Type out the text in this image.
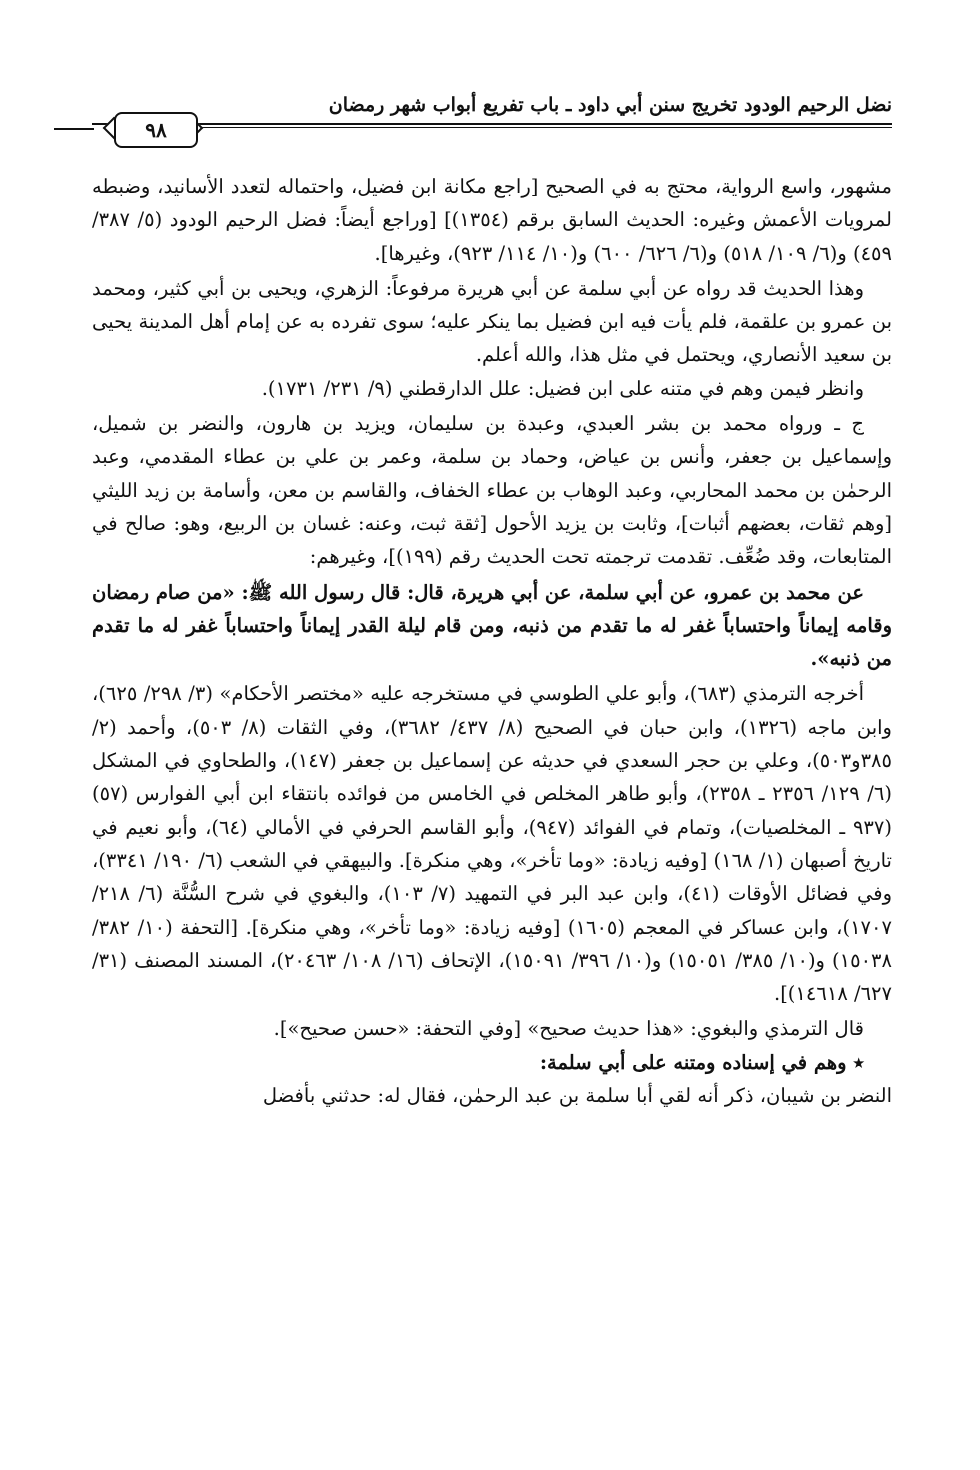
نضل الرحيم الودود تخريج سنن أبي داود ـ باب تفريع أبواب شهر رمضان
٩٨

مشهور، واسع الرواية، محتج به في الصحيح [راجع مكانة ابن فضيل، واحتماله لتعدد الأسانيد، وضبطه لمرويات الأعمش وغيره: الحديث السابق برقم (١٣٥٤)] [وراجع أيضاً: فضل الرحيم الودود (٥/ ٣٨٧/ ٤٥٩) و(٦/ ١٠٩/ ٥١٨) و(٦/ ٦٢٦/ ٦٠٠) و(١٠/ ١١٤/ ٩٢٣)، وغيرها].

وهذا الحديث قد رواه عن أبي سلمة عن أبي هريرة مرفوعاً: الزهري، ويحيى بن أبي كثير، ومحمد بن عمرو بن علقمة، فلم يأت فيه ابن فضيل بما ينكر عليه؛ سوى تفرده به عن إمام أهل المدينة يحيى بن سعيد الأنصاري، ويحتمل في مثل هذا، والله أعلم.

وانظر فيمن وهم في متنه على ابن فضيل: علل الدارقطني (٩/ ٢٣١/ ١٧٣١).

ج ـ ورواه محمد بن بشر العبدي، وعبدة بن سليمان، ويزيد بن هارون، والنضر بن شميل، وإسماعيل بن جعفر، وأنس بن عياض، وحماد بن سلمة، وعمر بن علي بن عطاء المقدمي، وعبد الرحمٰن بن محمد المحاربي، وعبد الوهاب بن عطاء الخفاف، والقاسم بن معن، وأسامة بن زيد الليثي [وهم ثقات، بعضهم أثبات]، وثابت بن يزيد الأحول [ثقة ثبت، وعنه: غسان بن الربيع، وهو: صالح في المتابعات، وقد ضُعِّف. تقدمت ترجمته تحت الحديث رقم (١٩٩)]، وغيرهم:

عن محمد بن عمرو، عن أبي سلمة، عن أبي هريرة، قال: قال رسول الله ﷺ: «من صام رمضان وقامه إيماناً واحتساباً غفر له ما تقدم من ذنبه، ومن قام ليلة القدر إيماناً واحتساباً غفر له ما تقدم من ذنبه».

أخرجه الترمذي (٦٨٣)، وأبو علي الطوسي في مستخرجه عليه «مختصر الأحكام» (٣/ ٢٩٨/ ٦٢٥)، وابن ماجه (١٣٢٦)، وابن حبان في الصحيح (٨/ ٤٣٧/ ٣٦٨٢)، وفي الثقات (٨/ ٥٠٣)، وأحمد (٢/ ٣٨٥و٥٠٣)، وعلي بن حجر السعدي في حديثه عن إسماعيل بن جعفر (١٤٧)، والطحاوي في المشكل (٦/ ١٢٩/ ٢٣٥٦ ـ ٢٣٥٨)، وأبو طاهر المخلص في الخامس من فوائده بانتقاء ابن أبي الفوارس (٥٧) (٩٣٧ ـ المخلصيات)، وتمام في الفوائد (٩٤٧)، وأبو القاسم الحرفي في الأمالي (٦٤)، وأبو نعيم في تاريخ أصبهان (١/ ١٦٨) [وفيه زيادة: «وما تأخر»، وهي منكرة]. والبيهقي في الشعب (٦/ ١٩٠/ ٣٣٤١)، وفي فضائل الأوقات (٤١)، وابن عبد البر في التمهيد (٧/ ١٠٣)، والبغوي في شرح السُّنَّة (٦/ ٢١٨/ ١٧٠٧)، وابن عساكر في المعجم (١٦٠٥) [وفيه زيادة: «وما تأخر»، وهي منكرة]. [التحفة (١٠/ ٣٨٢/ ١٥٠٣٨) و(١٠/ ٣٨٥/ ١٥٠٥١) و(١٠/ ٣٩٦/ ١٥٠٩١)، الإتحاف (١٦/ ١٠٨/ ٢٠٤٦٣)، المسند المصنف (٣١/ ٦٢٧/ ١٤٦١٨)].

قال الترمذي والبغوي: «هذا حديث صحيح» [وفي التحفة: «حسن صحيح»].

٭ وهم في إسناده ومتنه على أبي سلمة:

النضر بن شيبان، ذكر أنه لقي أبا سلمة بن عبد الرحمٰن، فقال له: حدثني بأفضل
